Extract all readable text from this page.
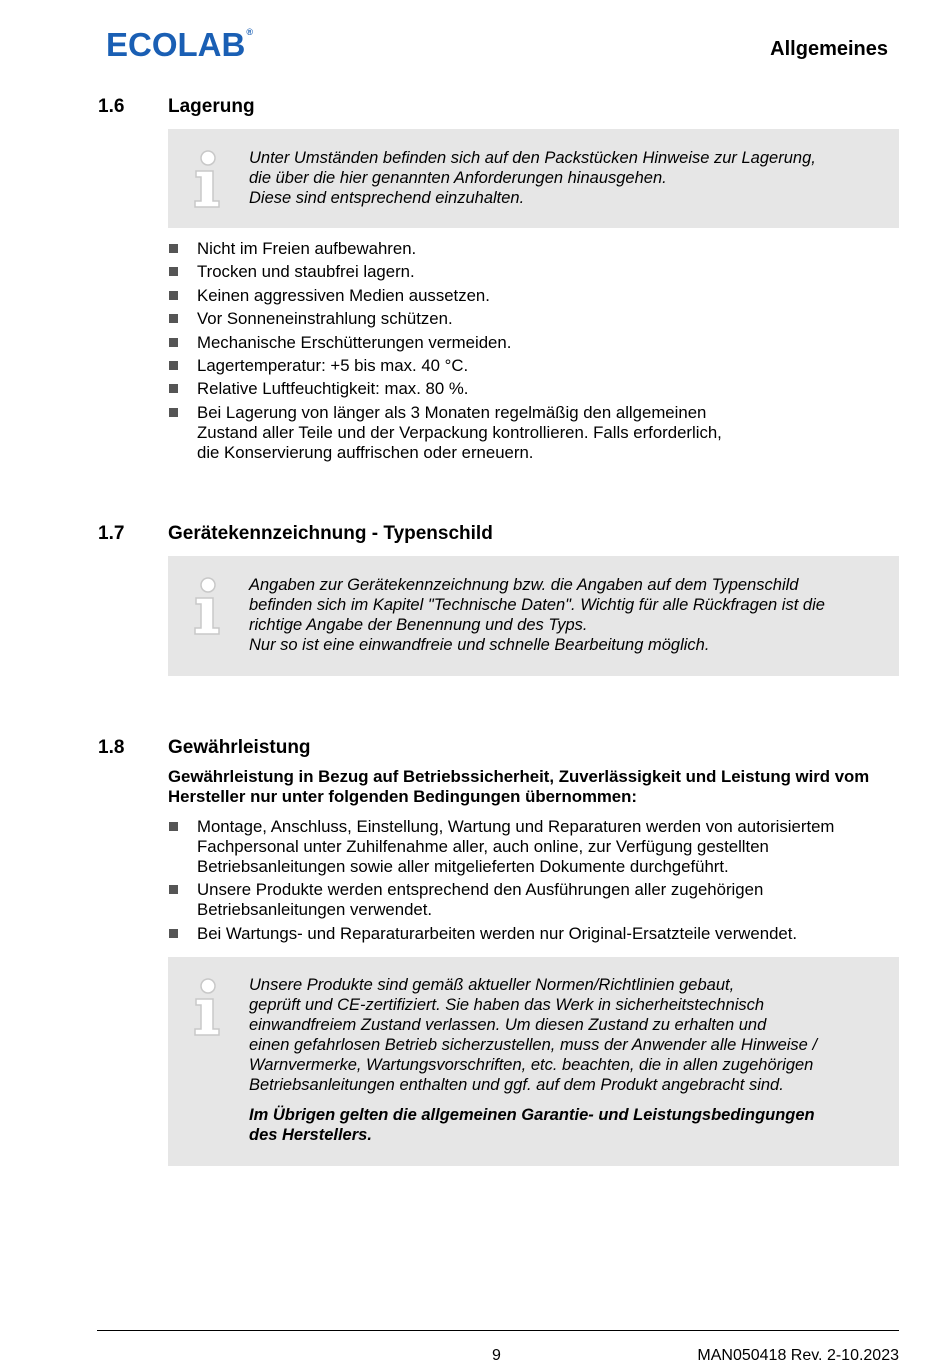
ECOLAB®
Allgemeines
1.6 Lagerung

Unter Umständen befinden sich auf den Packstücken Hinweise zur Lagerung,

die über die hier genannten Anforderungen hinausgehen.

Diese sind entsprechend einzuhalten.

Nicht im Freien aufbewahren.
Trocken und staubfrei lagern.
Keinen aggressiven Medien aussetzen.
Vor Sonneneinstrahlung schützen.
Mechanische Erschütterungen vermeiden.
Lagertemperatur: +5 bis max. 40 °C.
Relative Luftfeuchtigkeit: max. 80 %.
Bei Lagerung von länger als 3 Monaten regelmäßig den allgemeinen Zustand aller Teile und der Verpackung kontrollieren. Falls erforderlich, die Konservierung auffrischen oder erneuern.
1.7 Gerätekennzeichnung - Typenschild

Angaben zur Gerätekennzeichnung bzw. die Angaben auf dem Typenschild

befinden sich im Kapitel "Technische Daten". Wichtig für alle Rückfragen ist die

richtige Angabe der Benennung und des Typs.

Nur so ist eine einwandfreie und schnelle Bearbeitung möglich.

1.8 Gewährleistung
Gewährleistung in Bezug auf Betriebssicherheit, Zuverlässigkeit und Leistung wird vom Hersteller nur unter folgenden Bedingungen übernommen:
Montage, Anschluss, Einstellung, Wartung und Reparaturen werden von autorisiertem Fachpersonal unter Zuhilfenahme aller, auch online, zur Verfügung gestellten Betriebsanleitungen sowie aller mitgelieferten Dokumente durchgeführt.
Unsere Produkte werden entsprechend den Ausführungen aller zugehörigen Betriebsanleitungen verwendet.
Bei Wartungs- und Reparaturarbeiten werden nur Original-Ersatzteile verwendet.

Unsere Produkte sind gemäß aktueller Normen/Richtlinien gebaut,

geprüft und CE-zertifiziert. Sie haben das Werk in sicherheitstechnisch

einwandfreiem Zustand verlassen. Um diesen Zustand zu erhalten und

einen gefahrlosen Betrieb sicherzustellen, muss der Anwender alle Hinweise /

Warnvermerke, Wartungsvorschriften, etc. beachten, die in allen zugehörigen

Betriebsanleitungen enthalten und ggf. auf dem Produkt angebracht sind.

Im Übrigen gelten die allgemeinen Garantie- und Leistungsbedingungen
des Herstellers.

9	MAN050418 Rev. 2-10.2023
